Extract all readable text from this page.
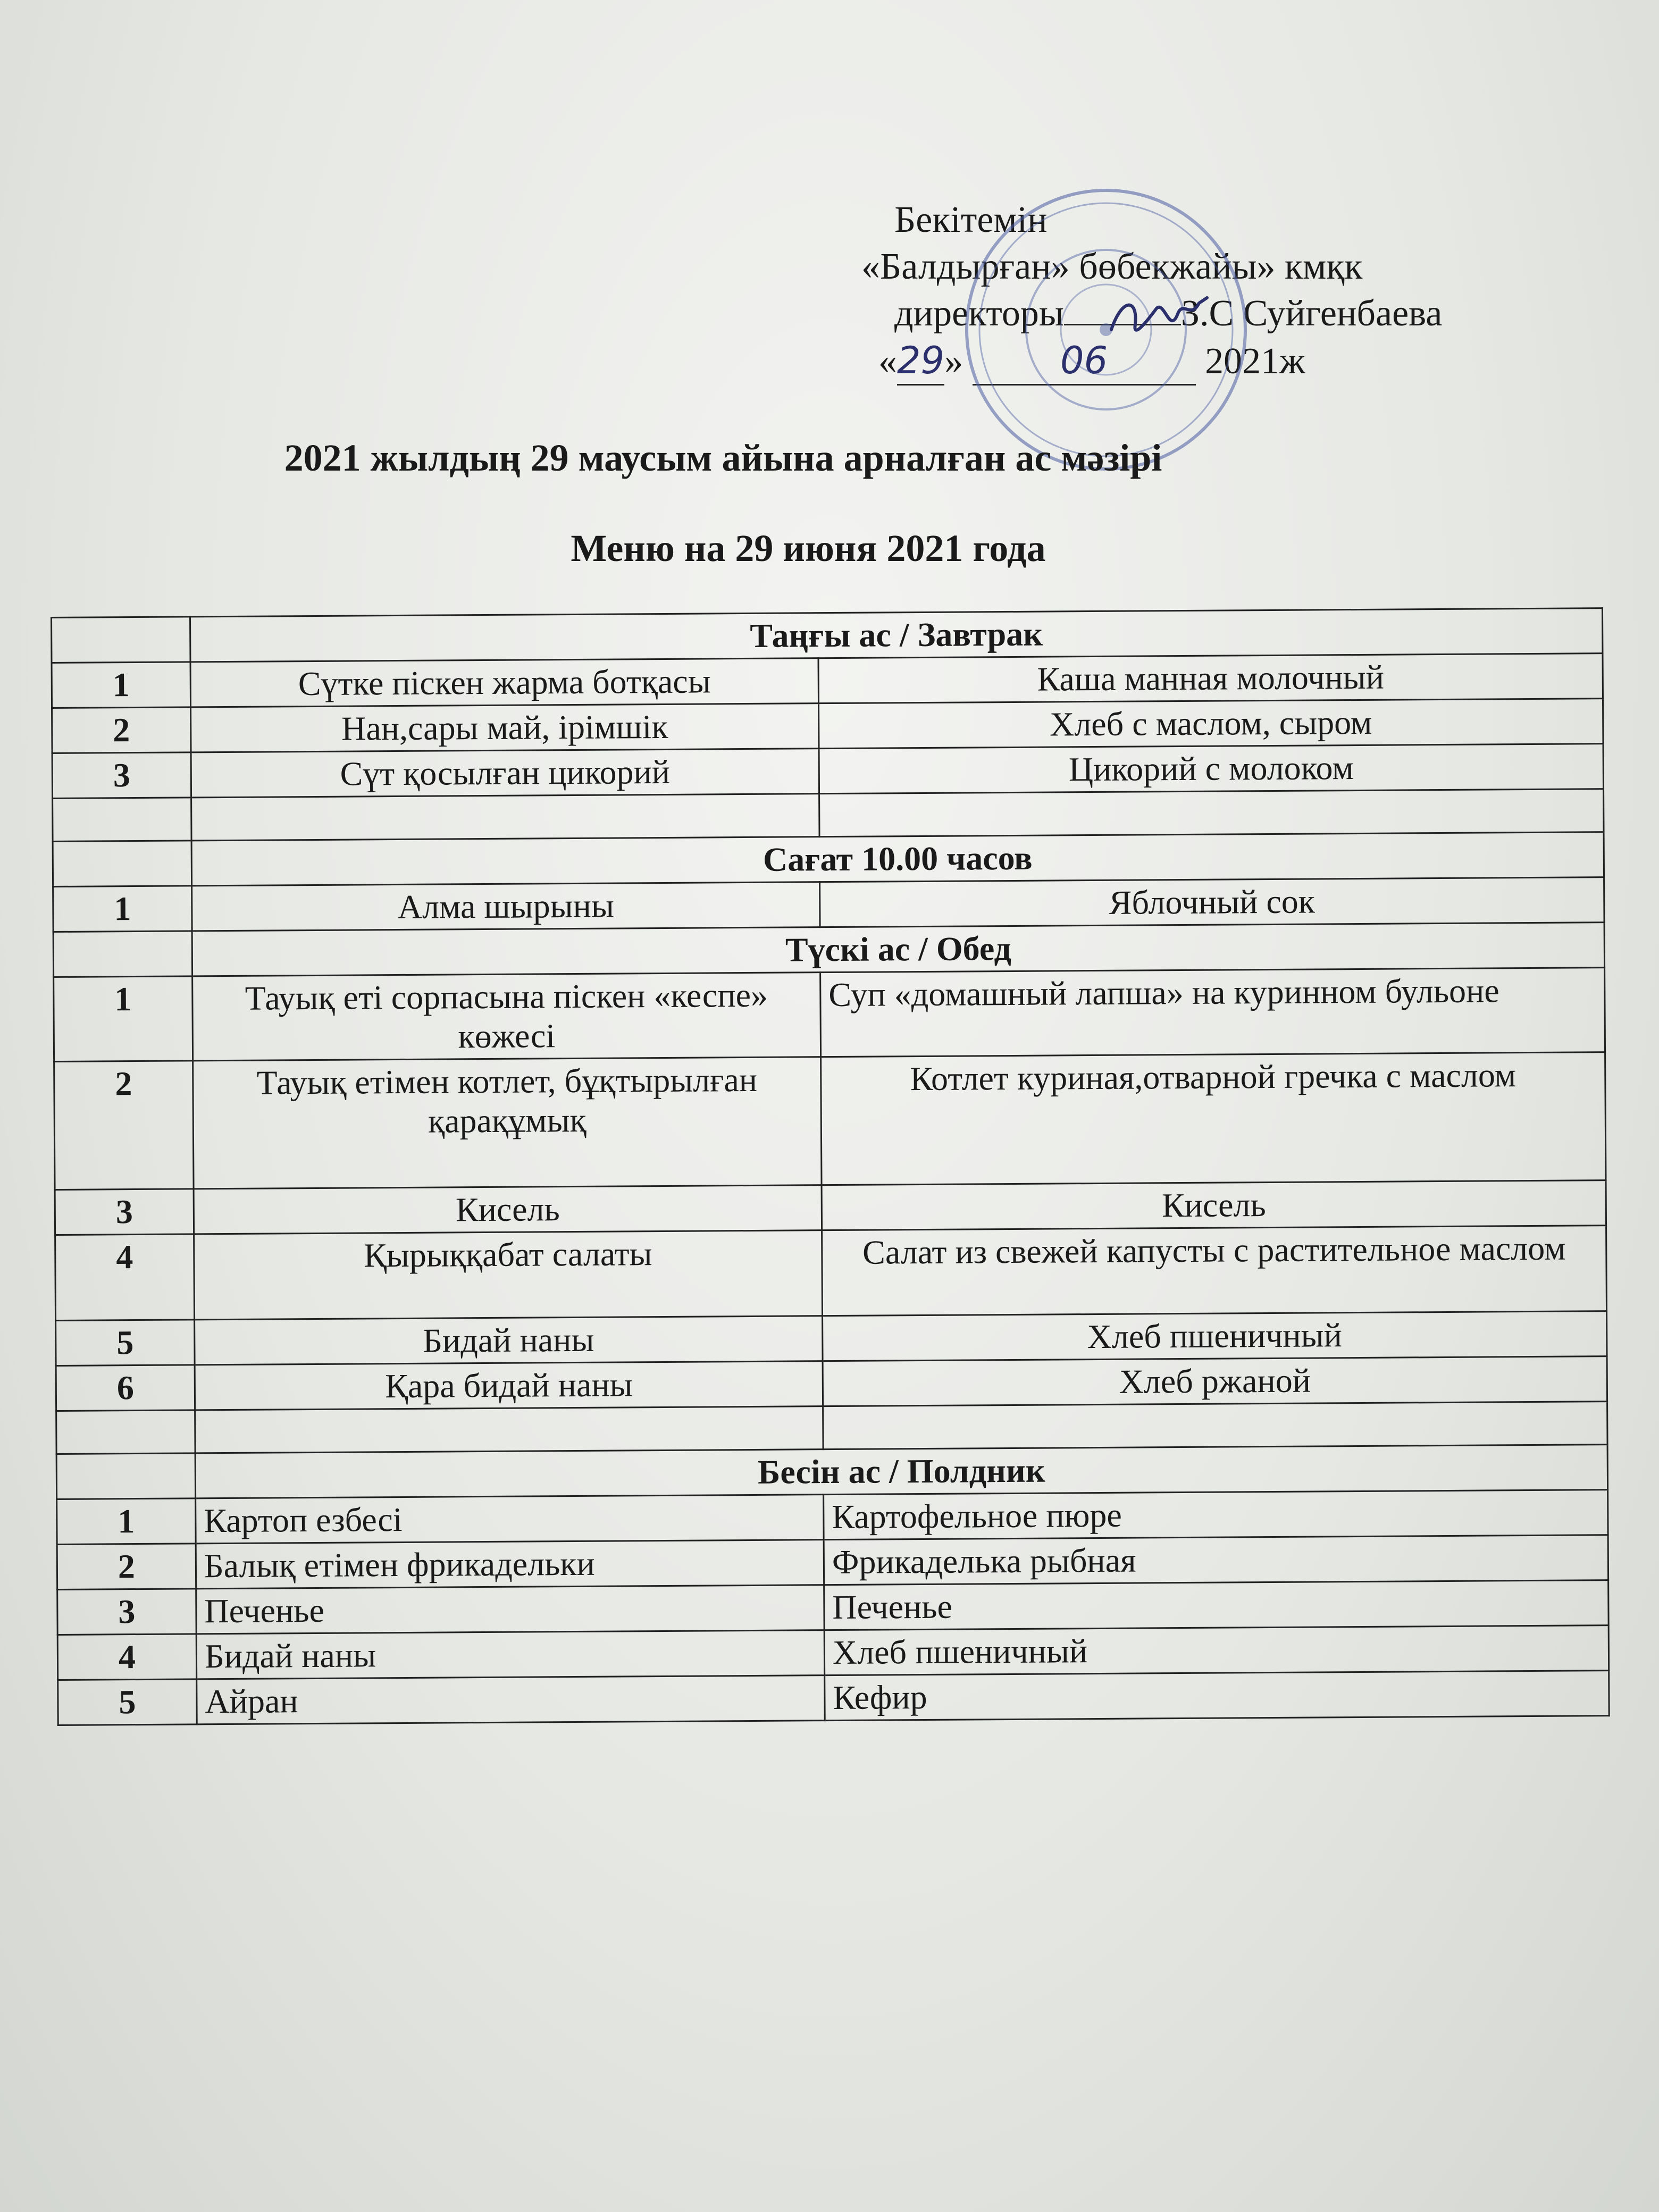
Бекітемін
«Балдырған» бөбекжайы» кмқк
директоры	З.С Суйгенбаева
«29» 06	2021ж
2021 жылдың 29 маусым айына арналған ас мәзірі
Меню на 29 июня 2021 года
	Таңғы ас / Завтрак	
1	Сүтке піскен жарма ботқасы	Каша манная молочный
2	Нан,сары май, ірімшік	Хлеб с маслом, сыром
3	Сүт қосылған цикорий	Цикорий с молоком

	Сағат 10.00 часов	
1	Алма шырыны	Яблочный сок
	Түскі ас / Обед	
1	Тауық еті сорпасына піскен «кеспе» көжесі	Суп «домашный лапша» на куринном бульоне
2	Тауық етімен котлет, бұқтырылған қарақұмық	Котлет куриная,отварной гречка с маслом
3	Кисель	Кисель
4	Қырыққабат салаты	Салат из свежей капусты с растительное маслом
5	Бидай наны	Хлеб пшеничный
6	Қара бидай наны	Хлеб ржаной

	Бесін ас / Полдник	
1	Картоп езбесі	Картофельное пюре
2	Балық етімен фрикадельки	Фрикаделька рыбная
3	Печенье	Печенье
4	Бидай наны	Хлеб пшеничный
5	Айран	Кефир
